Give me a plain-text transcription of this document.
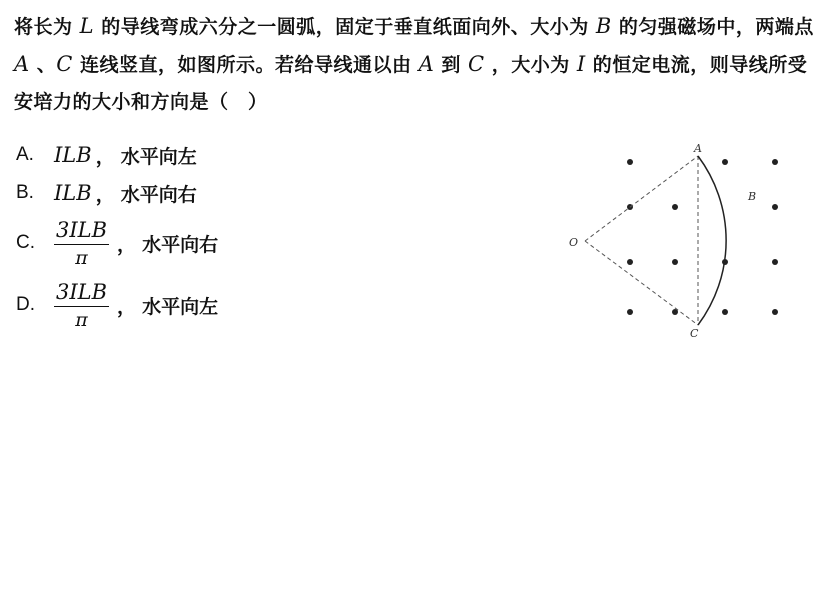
将长为 L 的导线弯成六分之一圆弧，固定于垂直纸面向外、大小为 B 的匀强磁场中，两端点 A 、C 连线竖直，如图所示。若给导线通以由 A 到 C ，大小为 I 的恒定电流，则导线所受安培力的大小和方向是（　）
A. ILB ， 水平向左
B. ILB ， 水平向右
C. $\frac{\text{3ILB}}{\pi}$ ， 水平向右
D. $\frac{\text{3ILB}}{\pi}$ ， 水平向左
A
B
C
O
